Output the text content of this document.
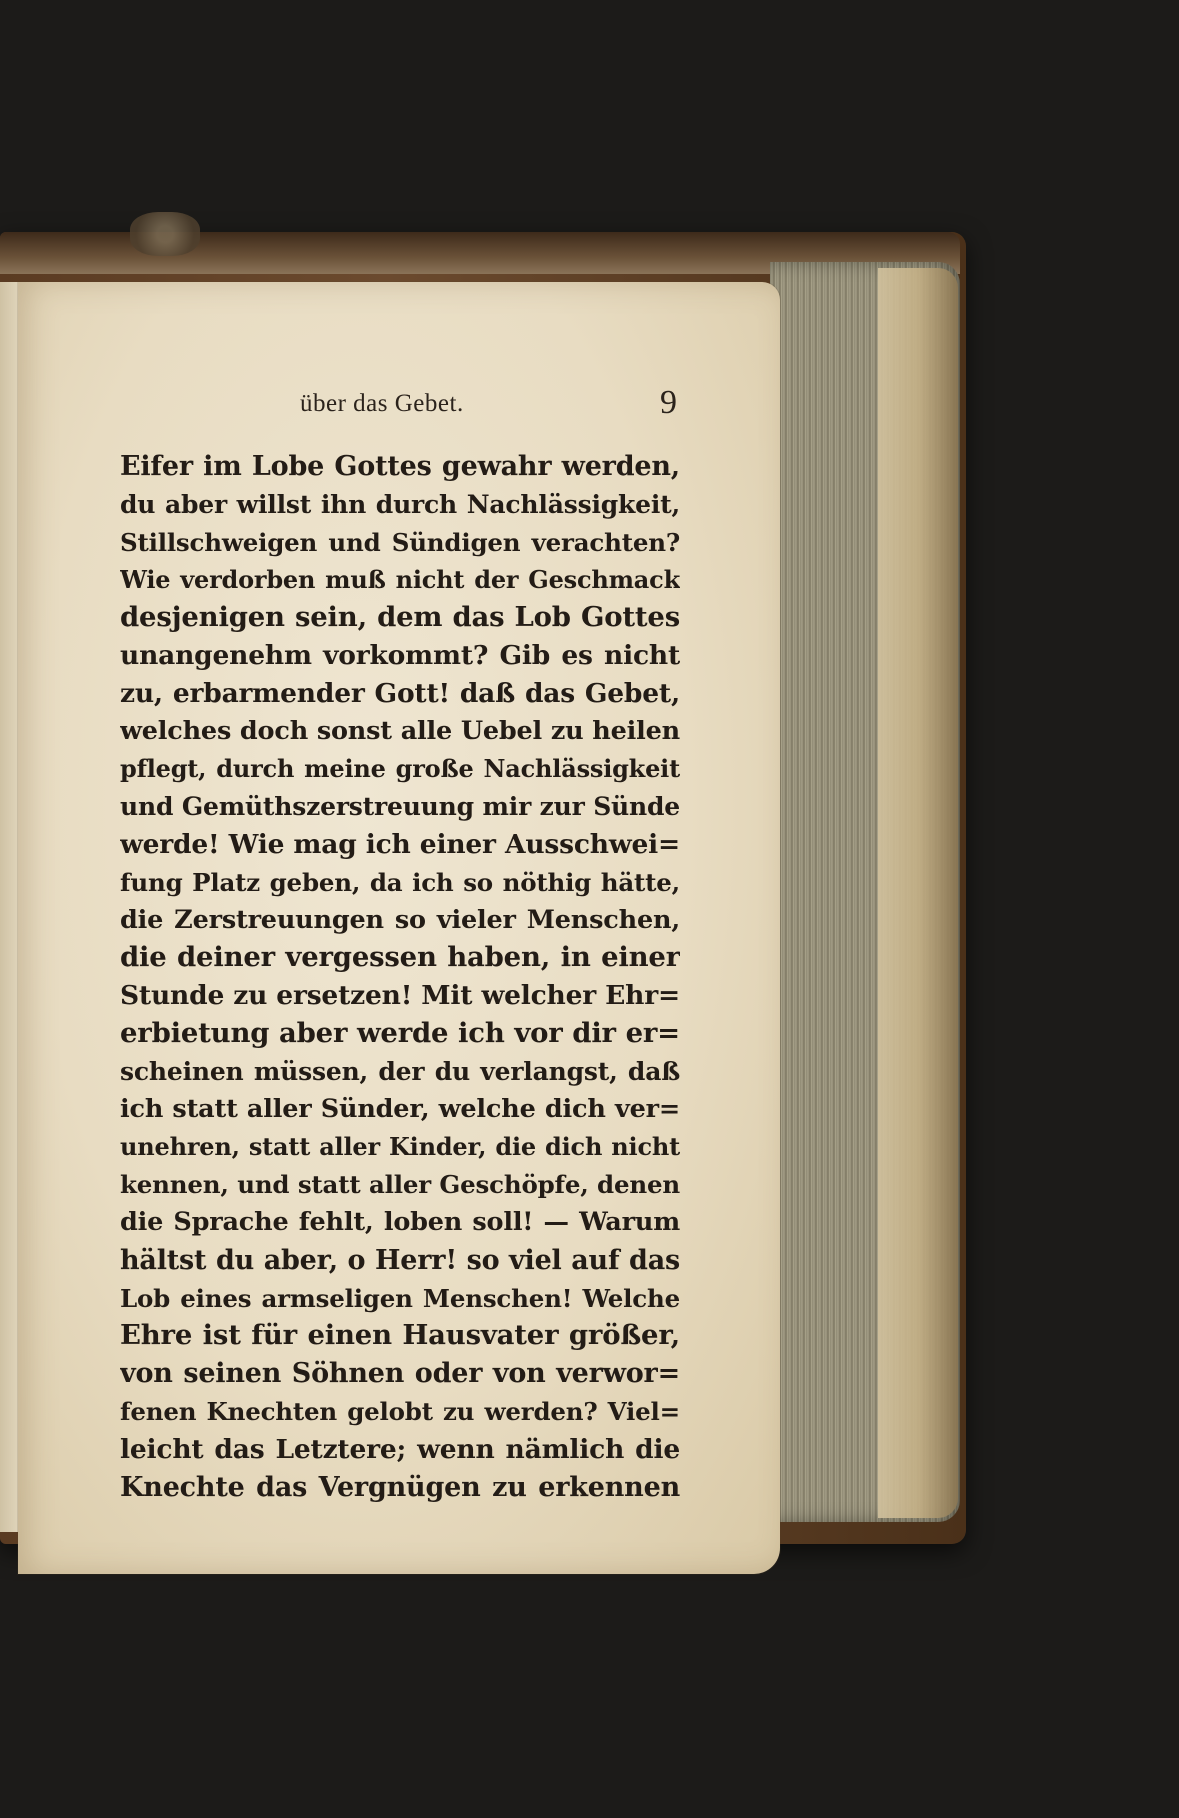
über das Gebet.	9
Eifer im Lobe Gottes gewahr werden,
du aber willst ihn durch Nachlässigkeit,
Stillschweigen und Sündigen verachten?
Wie verdorben muß nicht der Geschmack
desjenigen sein, dem das Lob Gottes
unangenehm vorkommt? Gib es nicht
zu, erbarmender Gott! daß das Gebet,
welches doch sonst alle Uebel zu heilen
pflegt, durch meine große Nachlässigkeit
und Gemüthszerstreuung mir zur Sünde
werde! Wie mag ich einer Ausschwei=
fung Platz geben, da ich so nöthig hätte,
die Zerstreuungen so vieler Menschen,
die deiner vergessen haben, in einer
Stunde zu ersetzen! Mit welcher Ehr=
erbietung aber werde ich vor dir er=
scheinen müssen, der du verlangst, daß
ich statt aller Sünder, welche dich ver=
unehren, statt aller Kinder, die dich nicht
kennen, und statt aller Geschöpfe, denen
die Sprache fehlt, loben soll! — Warum
hältst du aber, o Herr! so viel auf das
Lob eines armseligen Menschen! Welche
Ehre ist für einen Hausvater größer,
von seinen Söhnen oder von verwor=
fenen Knechten gelobt zu werden? Viel=
leicht das Letztere; wenn nämlich die
Knechte das Vergnügen zu erkennen
